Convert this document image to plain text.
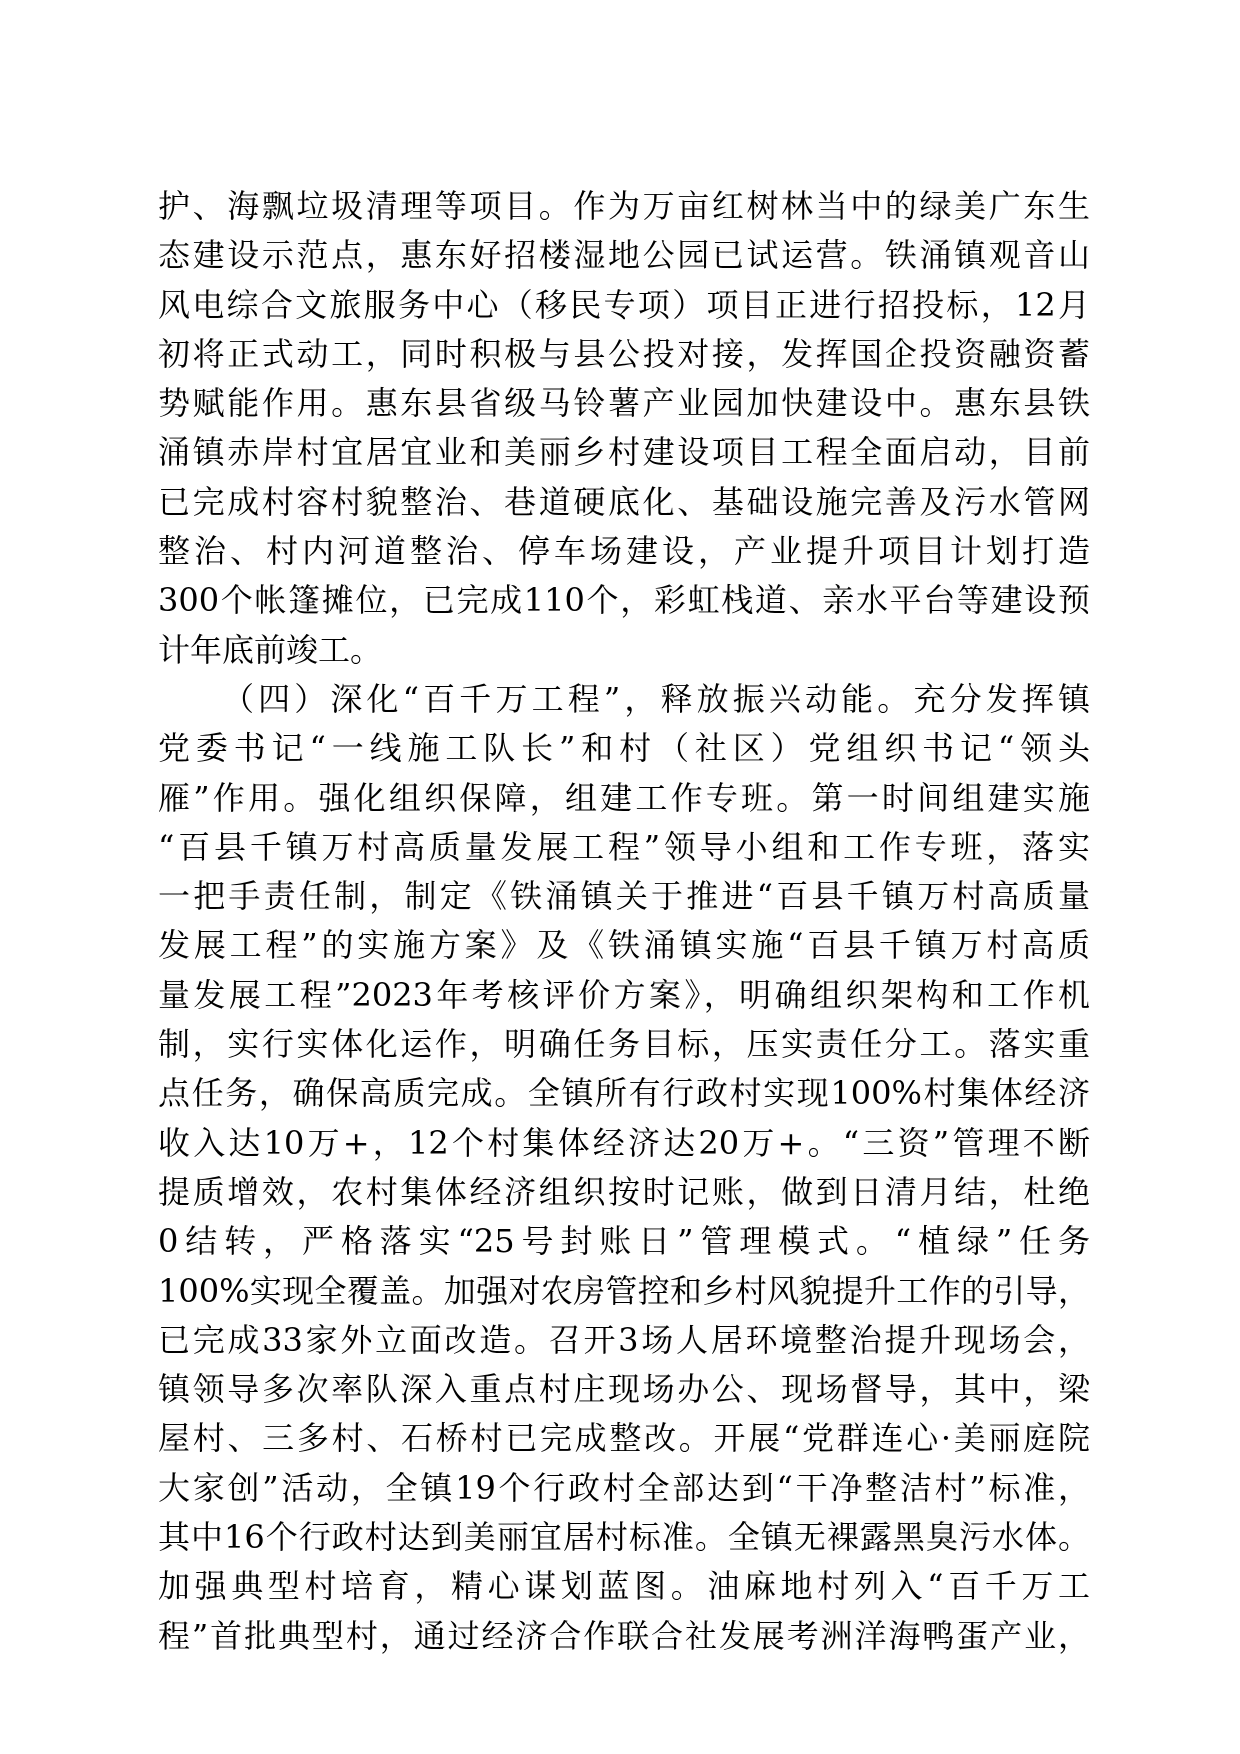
护、海飘垃圾清理等项目。作为万亩红树林当中的绿美广东生
态建设示范点，惠东好招楼湿地公园已试运营。铁涌镇观音山
风电综合文旅服务中心（移民专项）项目正进行招投标，12月
初将正式动工，同时积极与县公投对接，发挥国企投资融资蓄
势赋能作用。惠东县省级马铃薯产业园加快建设中。惠东县铁
涌镇赤岸村宜居宜业和美丽乡村建设项目工程全面启动，目前
已完成村容村貌整治、巷道硬底化、基础设施完善及污水管网
整治、村内河道整治、停车场建设，产业提升项目计划打造
300个帐篷摊位，已完成110个，彩虹栈道、亲水平台等建设预
计年底前竣工。
（四）深化“百千万工程”，释放振兴动能。充分发挥镇
党委书记“一线施工队长”和村（社区）党组织书记“领头
雁”作用。强化组织保障，组建工作专班。第一时间组建实施
“百县千镇万村高质量发展工程”领导小组和工作专班，落实
一把手责任制，制定《铁涌镇关于推进“百县千镇万村高质量
发展工程”的实施方案》及《铁涌镇实施“百县千镇万村高质
量发展工程”2023年考核评价方案》，明确组织架构和工作机
制，实行实体化运作，明确任务目标，压实责任分工。落实重
点任务，确保高质完成。全镇所有行政村实现100%村集体经济
收入达10万+，12个村集体经济达20万+。“三资”管理不断
提质增效，农村集体经济组织按时记账，做到日清月结，杜绝
0结转，严格落实“25号封账日”管理模式。“植绿”任务
100%实现全覆盖。加强对农房管控和乡村风貌提升工作的引导，
已完成33家外立面改造。召开3场人居环境整治提升现场会，
镇领导多次率队深入重点村庄现场办公、现场督导，其中，梁
屋村、三多村、石桥村已完成整改。开展“党群连心·美丽庭院
大家创”活动，全镇19个行政村全部达到“干净整洁村”标准，
其中16个行政村达到美丽宜居村标准。全镇无裸露黑臭污水体。
加强典型村培育，精心谋划蓝图。油麻地村列入“百千万工
程”首批典型村，通过经济合作联合社发展考洲洋海鸭蛋产业，
